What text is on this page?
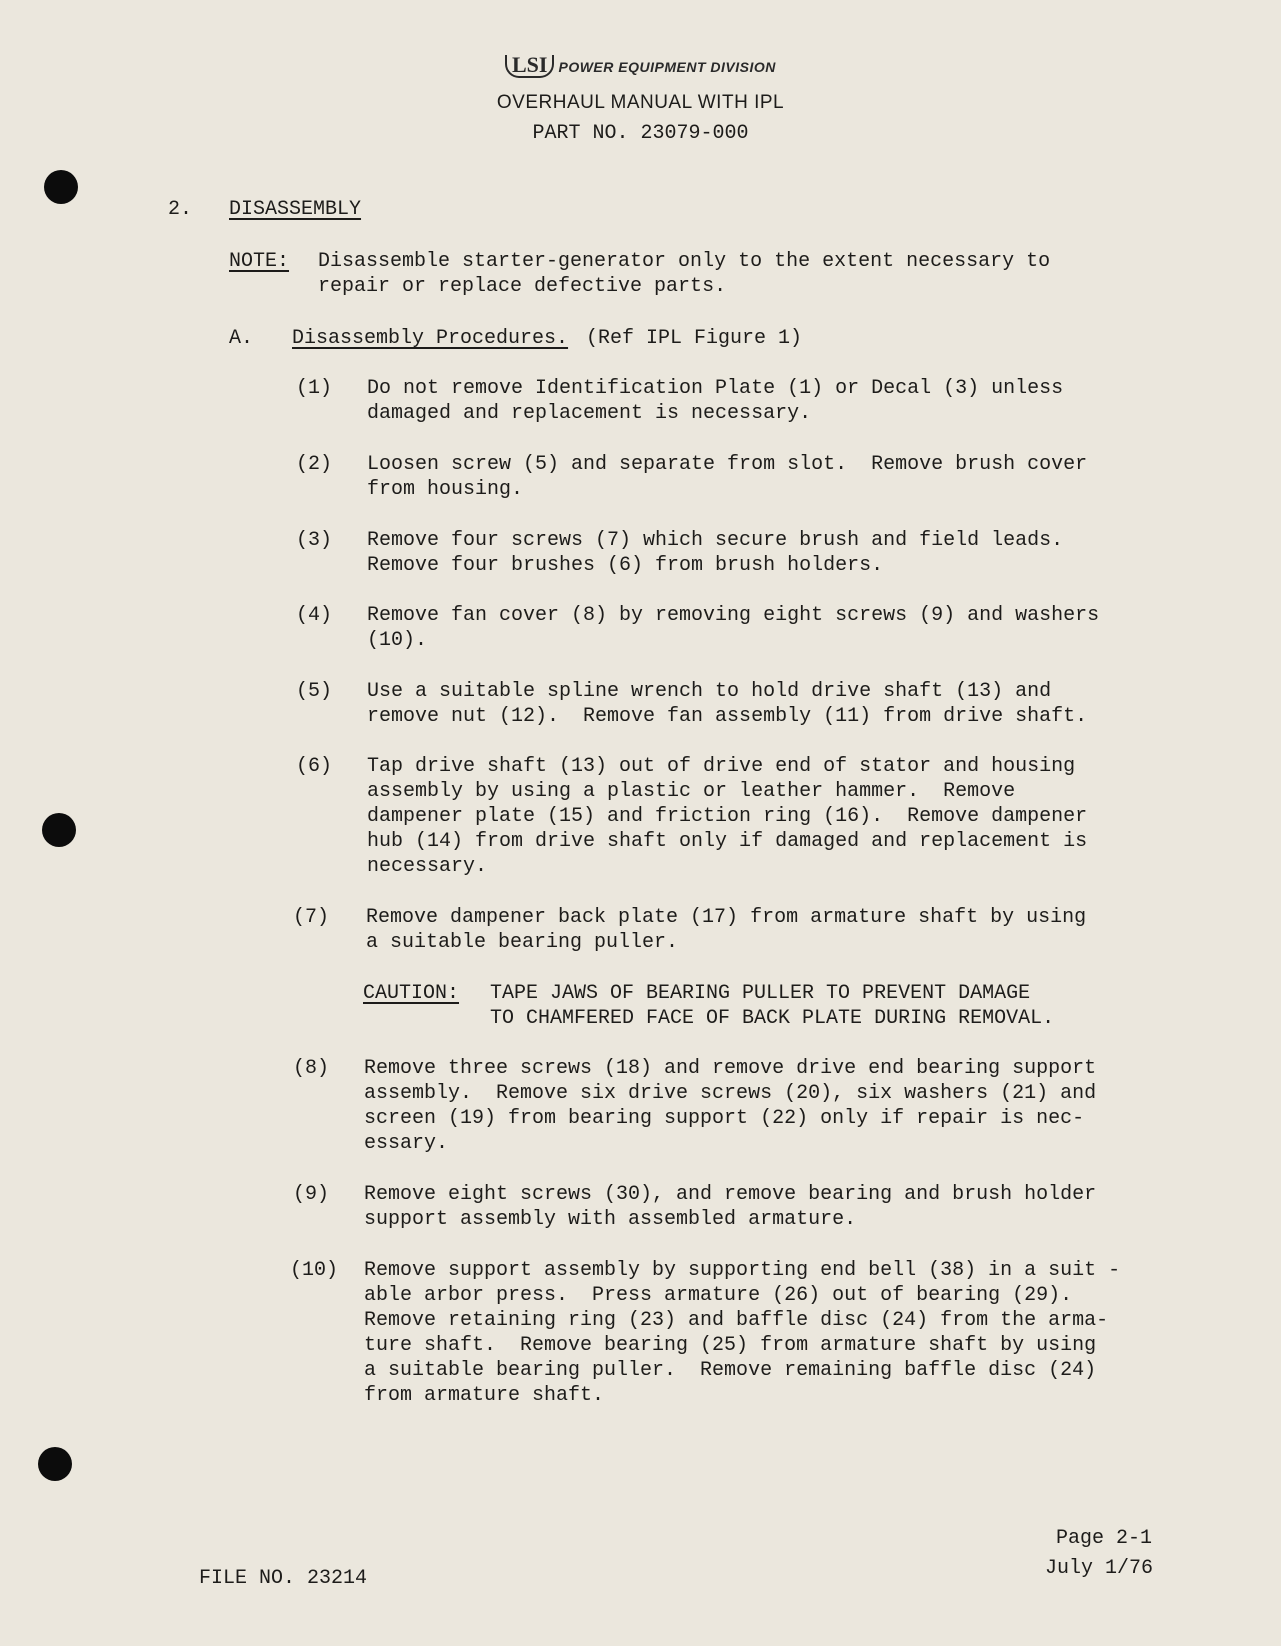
LSI POWER EQUIPMENT DIVISION
OVERHAUL MANUAL WITH IPL
PART NO. 23079-000
2. DISASSEMBLY
NOTE: Disassemble starter-generator only to the extent necessary to
repair or replace defective parts.
A. Disassembly Procedures. (Ref IPL Figure 1)
(1) Do not remove Identification Plate (1) or Decal (3) unless
damaged and replacement is necessary.
(2) Loosen screw (5) and separate from slot.  Remove brush cover
from housing.
(3) Remove four screws (7) which secure brush and field leads.
Remove four brushes (6) from brush holders.
(4) Remove fan cover (8) by removing eight screws (9) and washers
(10).
(5) Use a suitable spline wrench to hold drive shaft (13) and
remove nut (12).  Remove fan assembly (11) from drive shaft.
(6) Tap drive shaft (13) out of drive end of stator and housing
assembly by using a plastic or leather hammer.  Remove
dampener plate (15) and friction ring (16).  Remove dampener
hub (14) from drive shaft only if damaged and replacement is
necessary.
(7) Remove dampener back plate (17) from armature shaft by using
a suitable bearing puller.
CAUTION: TAPE JAWS OF BEARING PULLER TO PREVENT DAMAGE
TO CHAMFERED FACE OF BACK PLATE DURING REMOVAL.
(8) Remove three screws (18) and remove drive end bearing support
assembly.  Remove six drive screws (20), six washers (21) and
screen (19) from bearing support (22) only if repair is nec-
essary.
(9) Remove eight screws (30), and remove bearing and brush holder
support assembly with assembled armature.
(10) Remove support assembly by supporting end bell (38) in a suit -
able arbor press.  Press armature (26) out of bearing (29).
Remove retaining ring (23) and baffle disc (24) from the arma-
ture shaft.  Remove bearing (25) from armature shaft by using
a suitable bearing puller.  Remove remaining baffle disc (24)
from armature shaft.
FILE NO. 23214
Page 2-1
July 1/76
